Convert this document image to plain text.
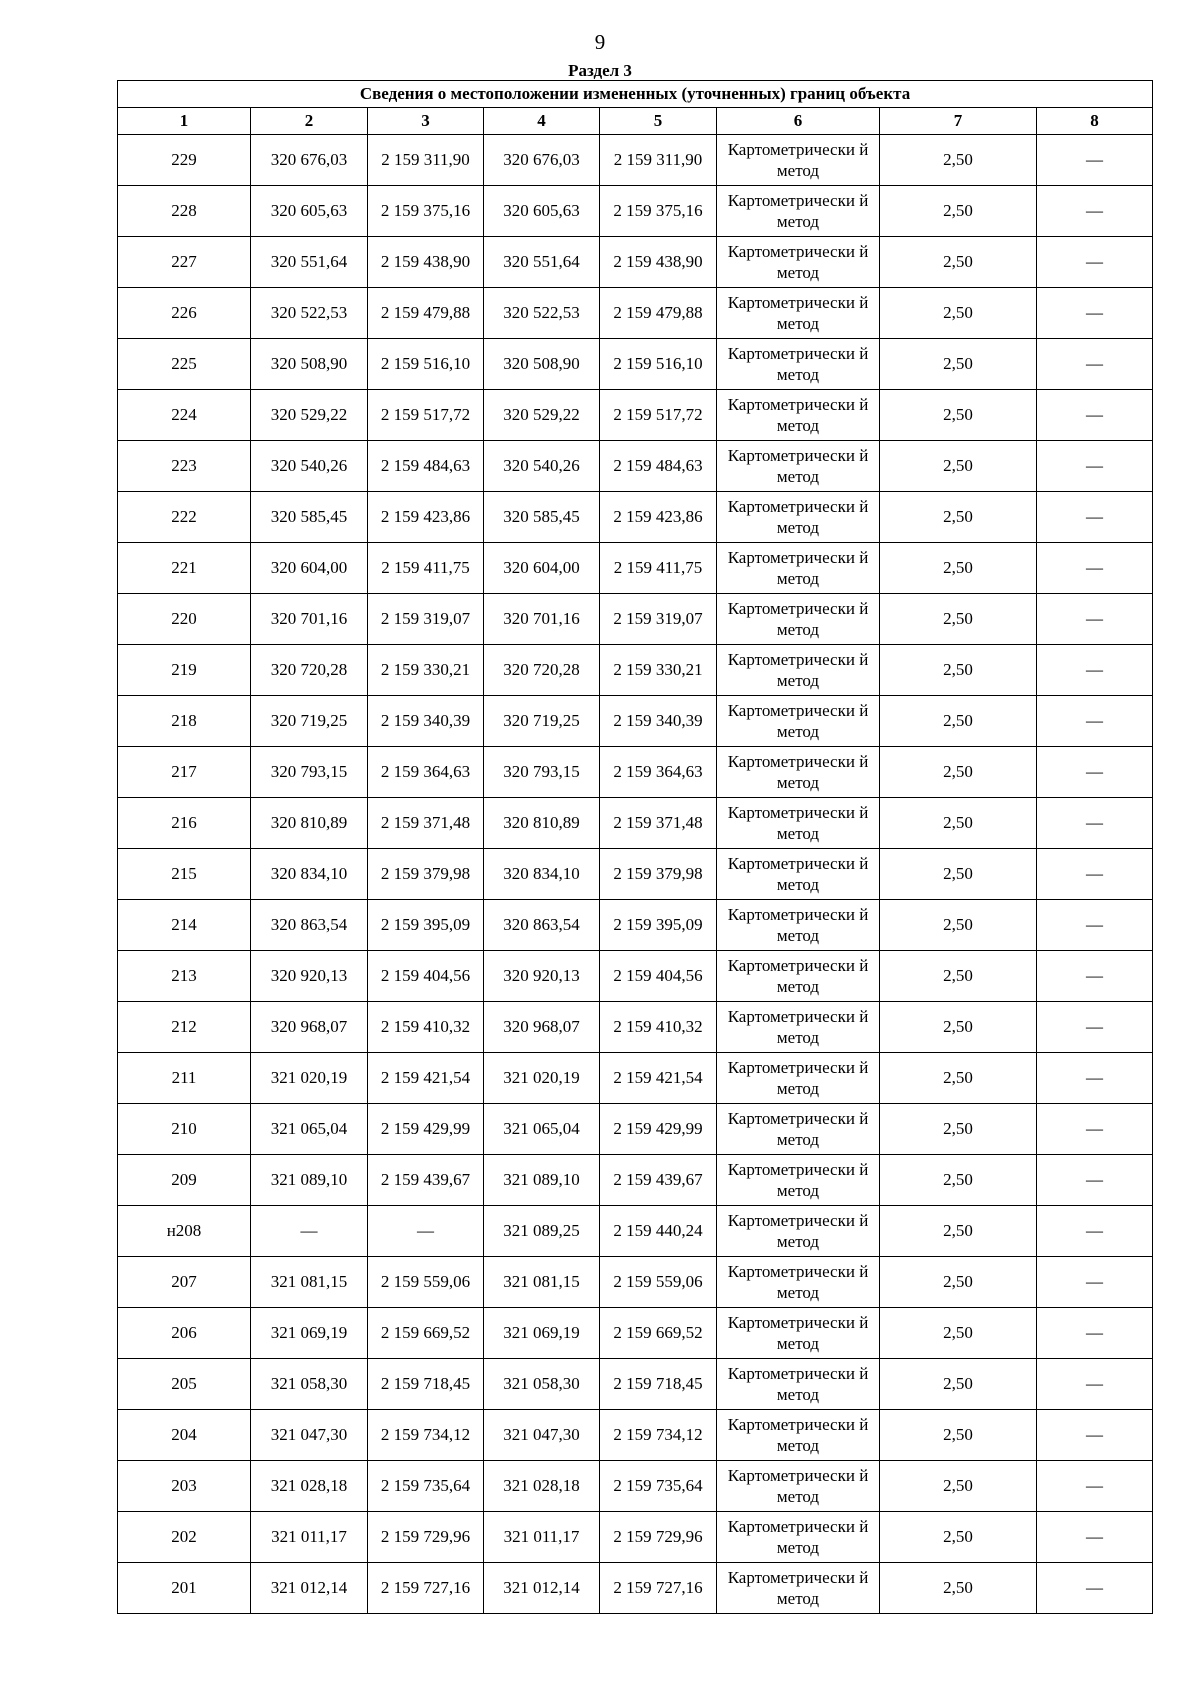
9
Раздел 3
Сведения о местоположении измененных (уточненных) границ объекта							
1	2	3	4	5	6	7	8
229	320 676,03	2 159 311,90	320 676,03	2 159 311,90	Картометрически й метод	2,50	—
228	320 605,63	2 159 375,16	320 605,63	2 159 375,16	Картометрически й метод	2,50	—
227	320 551,64	2 159 438,90	320 551,64	2 159 438,90	Картометрически й метод	2,50	—
226	320 522,53	2 159 479,88	320 522,53	2 159 479,88	Картометрически й метод	2,50	—
225	320 508,90	2 159 516,10	320 508,90	2 159 516,10	Картометрически й метод	2,50	—
224	320 529,22	2 159 517,72	320 529,22	2 159 517,72	Картометрически й метод	2,50	—
223	320 540,26	2 159 484,63	320 540,26	2 159 484,63	Картометрически й метод	2,50	—
222	320 585,45	2 159 423,86	320 585,45	2 159 423,86	Картометрически й метод	2,50	—
221	320 604,00	2 159 411,75	320 604,00	2 159 411,75	Картометрически й метод	2,50	—
220	320 701,16	2 159 319,07	320 701,16	2 159 319,07	Картометрически й метод	2,50	—
219	320 720,28	2 159 330,21	320 720,28	2 159 330,21	Картометрически й метод	2,50	—
218	320 719,25	2 159 340,39	320 719,25	2 159 340,39	Картометрически й метод	2,50	—
217	320 793,15	2 159 364,63	320 793,15	2 159 364,63	Картометрически й метод	2,50	—
216	320 810,89	2 159 371,48	320 810,89	2 159 371,48	Картометрически й метод	2,50	—
215	320 834,10	2 159 379,98	320 834,10	2 159 379,98	Картометрически й метод	2,50	—
214	320 863,54	2 159 395,09	320 863,54	2 159 395,09	Картометрически й метод	2,50	—
213	320 920,13	2 159 404,56	320 920,13	2 159 404,56	Картометрически й метод	2,50	—
212	320 968,07	2 159 410,32	320 968,07	2 159 410,32	Картометрически й метод	2,50	—
211	321 020,19	2 159 421,54	321 020,19	2 159 421,54	Картометрически й метод	2,50	—
210	321 065,04	2 159 429,99	321 065,04	2 159 429,99	Картометрически й метод	2,50	—
209	321 089,10	2 159 439,67	321 089,10	2 159 439,67	Картометрически й метод	2,50	—
н208	—	—	321 089,25	2 159 440,24	Картометрически й метод	2,50	—
207	321 081,15	2 159 559,06	321 081,15	2 159 559,06	Картометрически й метод	2,50	—
206	321 069,19	2 159 669,52	321 069,19	2 159 669,52	Картометрически й метод	2,50	—
205	321 058,30	2 159 718,45	321 058,30	2 159 718,45	Картометрически й метод	2,50	—
204	321 047,30	2 159 734,12	321 047,30	2 159 734,12	Картометрически й метод	2,50	—
203	321 028,18	2 159 735,64	321 028,18	2 159 735,64	Картометрически й метод	2,50	—
202	321 011,17	2 159 729,96	321 011,17	2 159 729,96	Картометрически й метод	2,50	—
201	321 012,14	2 159 727,16	321 012,14	2 159 727,16	Картометрически й метод	2,50	—
